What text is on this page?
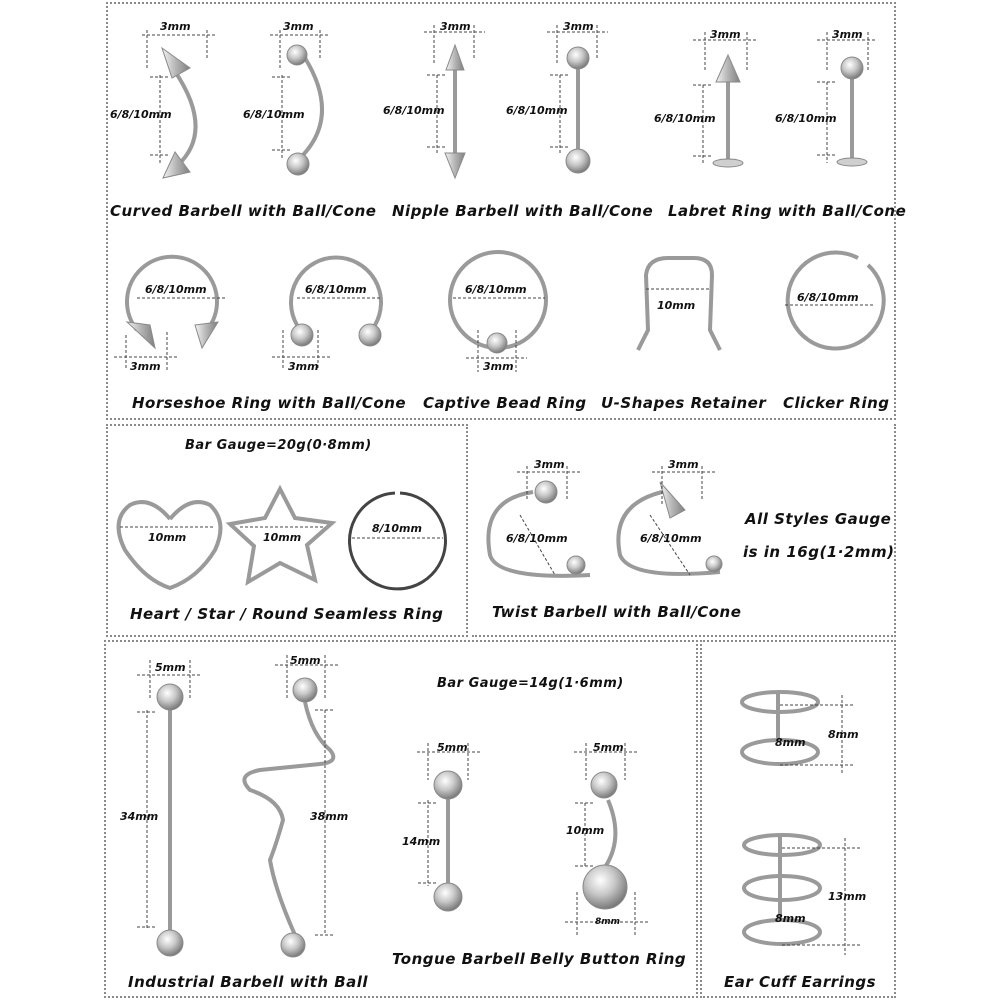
3mm
6/8/10mm
3mm
6/8/10mm
Curved Barbell with Ball/Cone
3mm
6/8/10mm
3mm
6/8/10mm
Nipple Barbell with Ball/Cone
3mm
6/8/10mm
3mm
6/8/10mm
Labret Ring with Ball/Cone
6/8/10mm
3mm
6/8/10mm
3mm
Horseshoe Ring with Ball/Cone
6/8/10mm
3mm
Captive Bead Ring
10mm
U-Shapes Retainer
6/8/10mm
Clicker Ring
Bar Gauge=20g(0·8mm)
10mm	10mm
8/10mm
Heart / Star / Round Seamless Ring
3mm
6/8/10mm
3mm
6/8/10mm
Twist Barbell with Ball/Cone
All Styles Gauge
is in 16g(1·2mm)
Bar Gauge=14g(1·6mm)
5mm
34mm
5mm
38mm
Industrial Barbell with Ball
5mm
14mm
Tongue Barbell
5mm
10mm
8mm
Belly Button Ring
8mm
8mm
13mm
8mm
Ear Cuff Earrings
